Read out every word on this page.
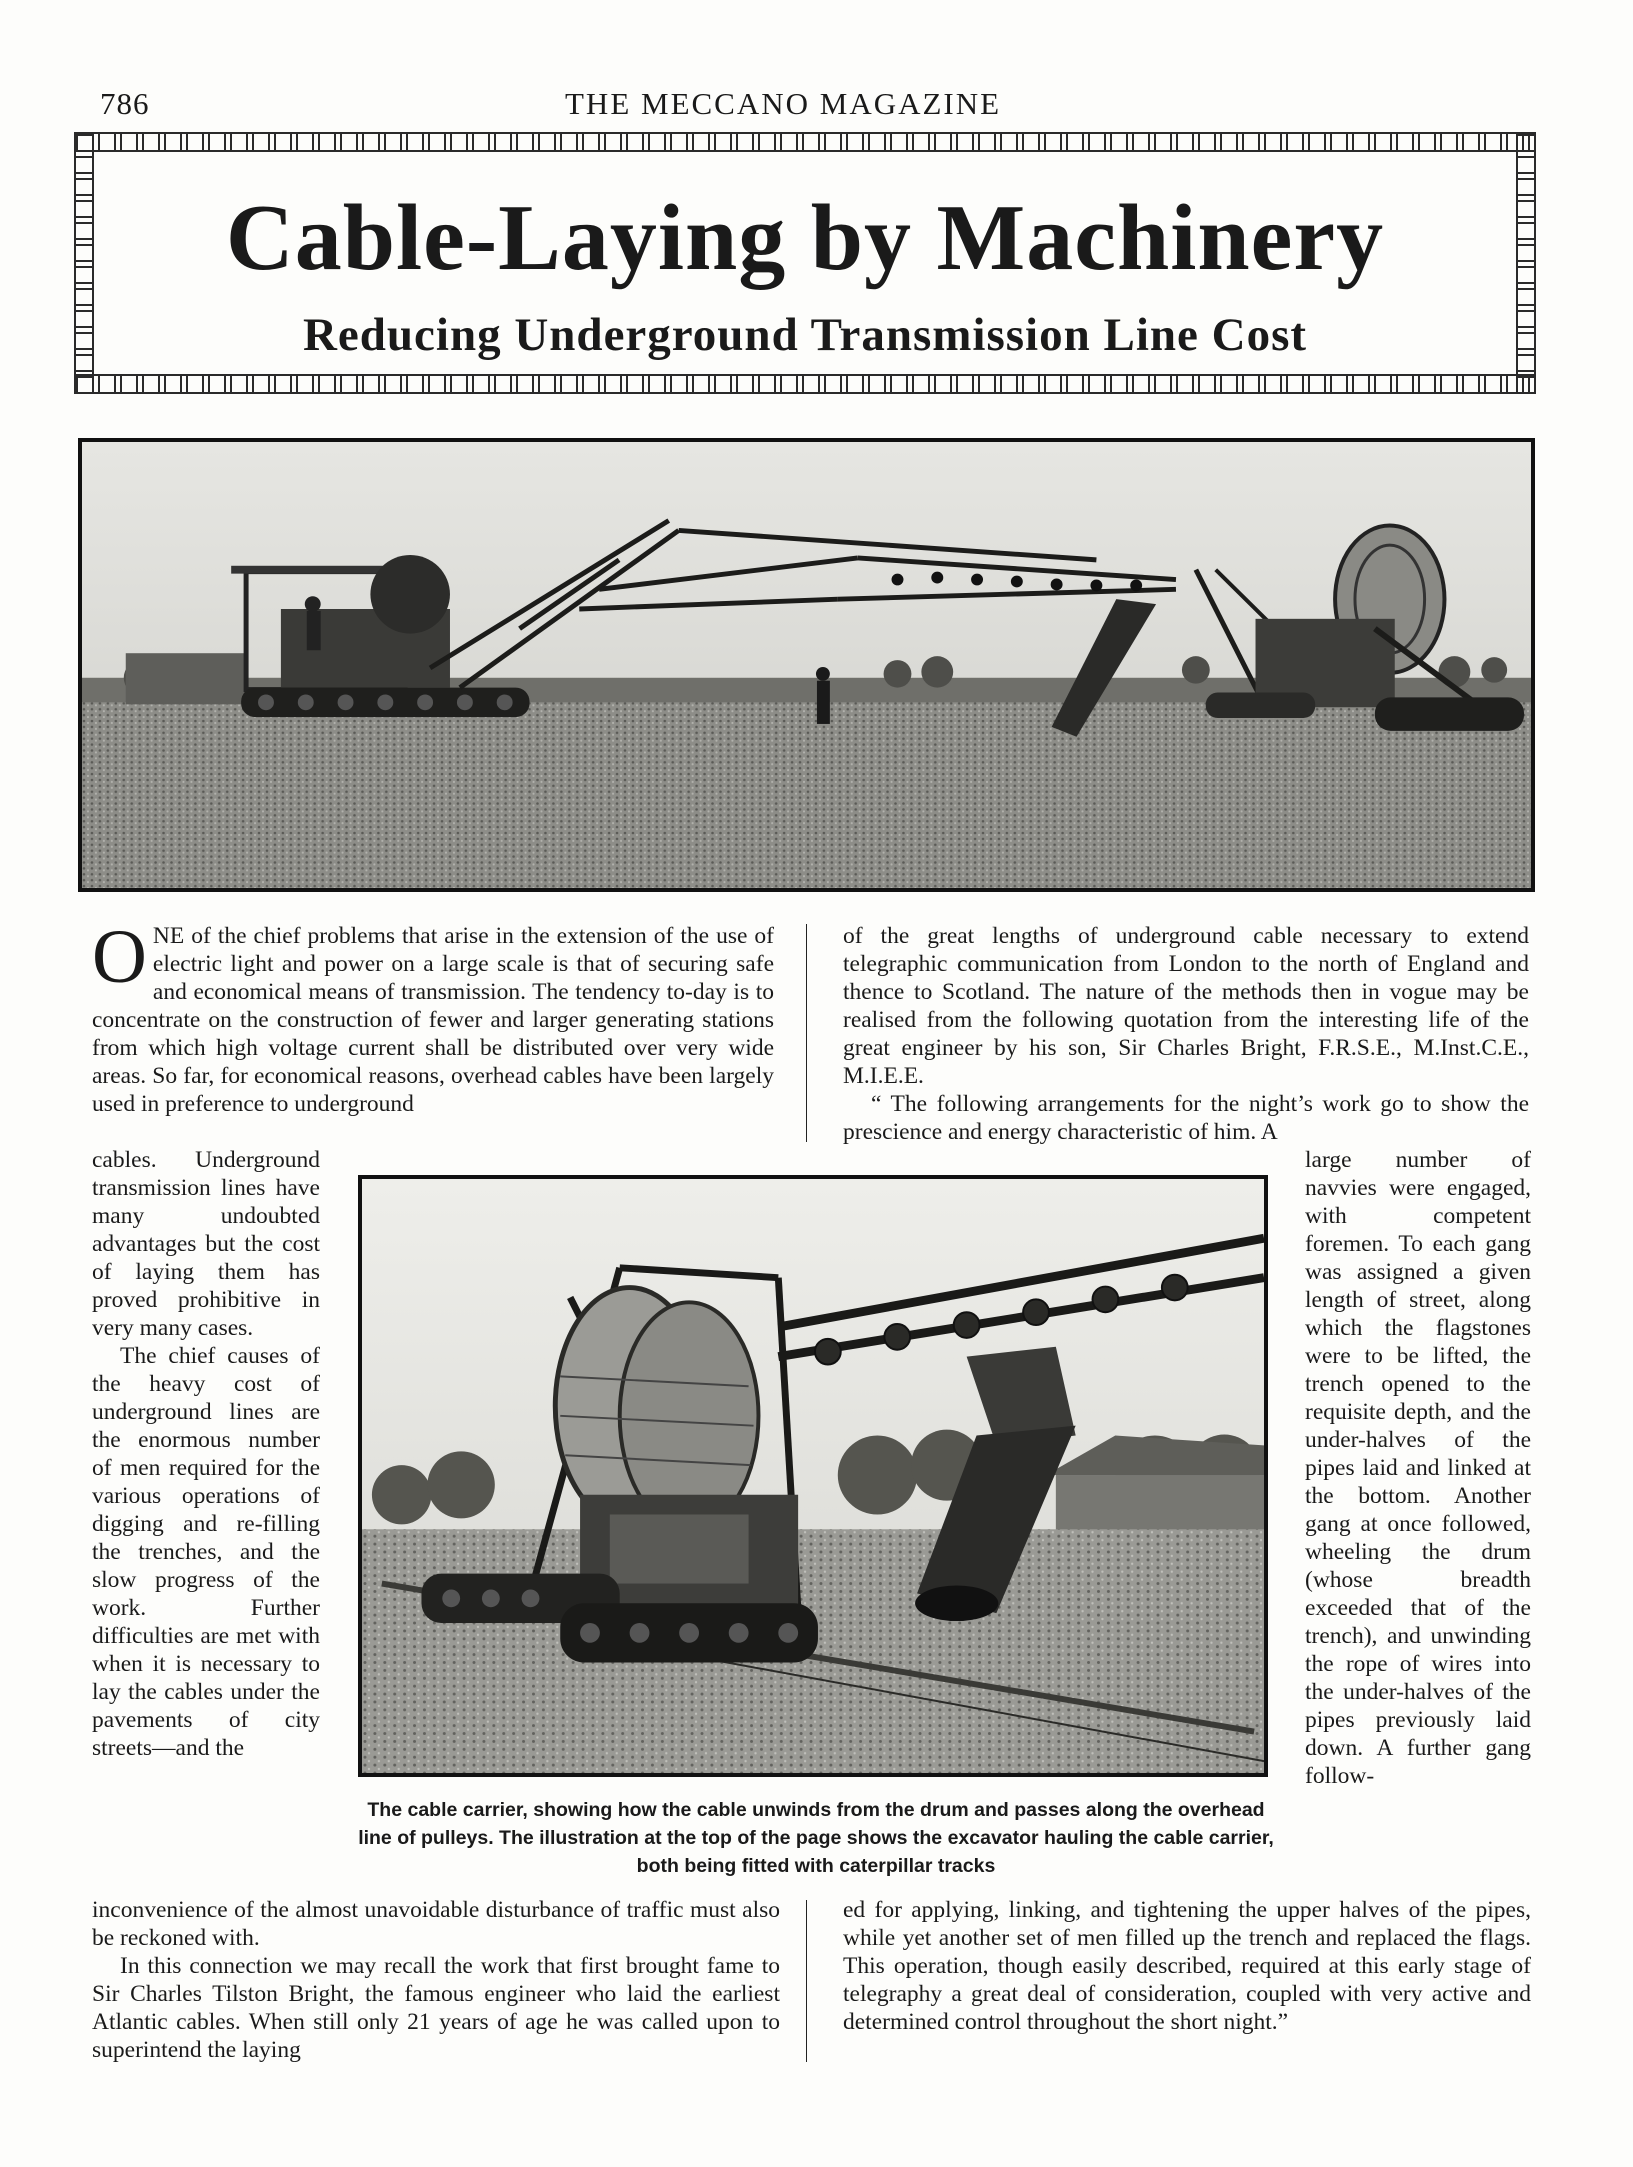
786	THE MECCANO MAGAZINE
Cable-Laying by Machinery
Reducing Underground Transmission Line Cost
O NE of the chief problems that arise in the extension of the use of electric light and power on a large scale is that of securing safe and economical means of transmission. The tendency to-day is to concentrate on the construction of fewer and larger generating stations from which high voltage current shall be distributed over very wide areas. So far, for economical reasons, overhead cables have been largely used in preference to underground

cables. Underground transmission lines have many undoubted advantages but the cost of laying them has proved prohibitive in very many cases.

The chief causes of the heavy cost of underground lines are the enormous number of men required for the various operations of digging and re-filling the trenches, and the slow progress of the work. Further difficulties are met with when it is necessary to lay the cables under the pavements of city streets—and the

inconvenience of the almost unavoidable disturbance of traffic must also be reckoned with.

In this connection we may recall the work that first brought fame to Sir Charles Tilston Bright, the famous engineer who laid the earliest Atlantic cables. When still only 21 years of age he was called upon to superintend the laying

of the great lengths of underground cable necessary to extend telegraphic communication from London to the north of England and thence to Scotland. The nature of the methods then in vogue may be realised from the following quotation from the interesting life of the great engineer by his son, Sir Charles Bright, F.R.S.E., M.Inst.C.E., M.I.E.E.

“ The following arrangements for the night’s work go to show the prescience and energy characteristic of him. A

large number of navvies were engaged, with competent foremen. To each gang was assigned a given length of street, along which the flagstones were to be lifted, the trench opened to the requisite depth, and the under-halves of the pipes laid and linked at the bottom. Another gang at once followed, wheeling the drum (whose breadth exceeded that of the trench), and unwinding the rope of wires into the under-halves of the pipes previously laid down. A further gang follow-

ed for applying, linking, and tightening the upper halves of the pipes, while yet another set of men filled up the trench and replaced the flags. This operation, though easily described, required at this early stage of telegraphy a great deal of consideration, coupled with very active and determined control throughout the short night.”

The cable carrier, showing how the cable unwinds from the drum and passes along the overhead line of pulleys. The illustration at the top of the page shows the excavator hauling the cable carrier, both being fitted with caterpillar tracks
